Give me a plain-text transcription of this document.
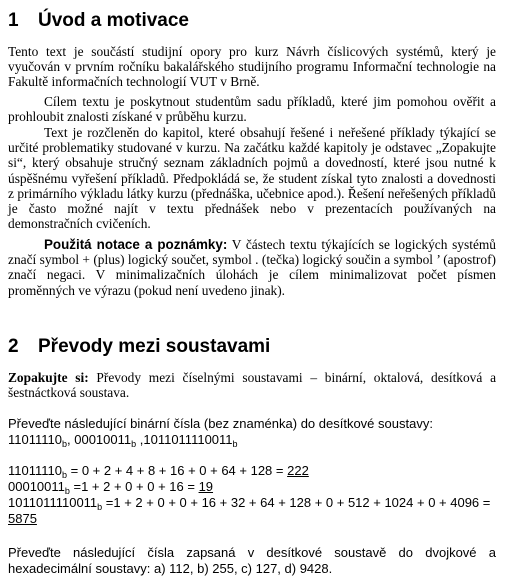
1 Úvod a motivace
Tento text je součástí studijní opory pro kurz Návrh číslicových systémů, který je vyučován v prvním ročníku bakalářského studijního programu Informační technologie na Fakultě informačních technologií VUT v Brně.
Cílem textu je poskytnout studentům sadu příkladů, které jim pomohou ověřit a prohloubit znalosti získané v průběhu kurzu.
Text je rozčleněn do kapitol, které obsahují řešené i neřešené příklady týkající se určité problematiky studované v kurzu. Na začátku každé kapitoly je odstavec „Zopakujte si“, který obsahuje stručný seznam základních pojmů a dovedností, které jsou nutné k úspěšnému vyřešení příkladů. Předpokládá se, že student získal tyto znalosti a dovednosti z primárního výkladu látky kurzu (přednáška, učebnice apod.). Řešení neřešených příkladů je často možné najít v textu přednášek nebo v prezentacích používaných na demonstračních cvičeních.
Použitá notace a poznámky: V částech textu týkajících se logických systémů značí symbol + (plus) logický součet, symbol . (tečka) logický součin a symbol ’ (apostrof) značí negaci. V minimalizačních úlohách je cílem minimalizovat počet písmen proměnných ve výrazu (pokud není uvedeno jinak).
2 Převody mezi soustavami
Zopakujte si: Převody mezi číselnými soustavami – binární, oktalová, desítková a šestnáctková soustava.
Převeďte následující binární čísla (bez znaménka) do desítkové soustavy:
$11011110_b$, $00010011_b$ $,1011011110011_b$
$11011110_b = 0 + 2 + 4 + 8 + 16 + 0 + 64 + 128 = 222$
$00010011_b =1 + 2 + 0 + 0 + 16 = 19$
$1011011110011_b =1 + 2 + 0 + 0 + 16 + 32 + 64 + 128 + 0 + 512 + 1024 + 0 + 4096$ =
5875
Převeďte následující čísla zapsaná v desítkové soustavě do dvojkové a hexadecimální soustavy: a) 112, b) 255, c) 127, d) 9428.
